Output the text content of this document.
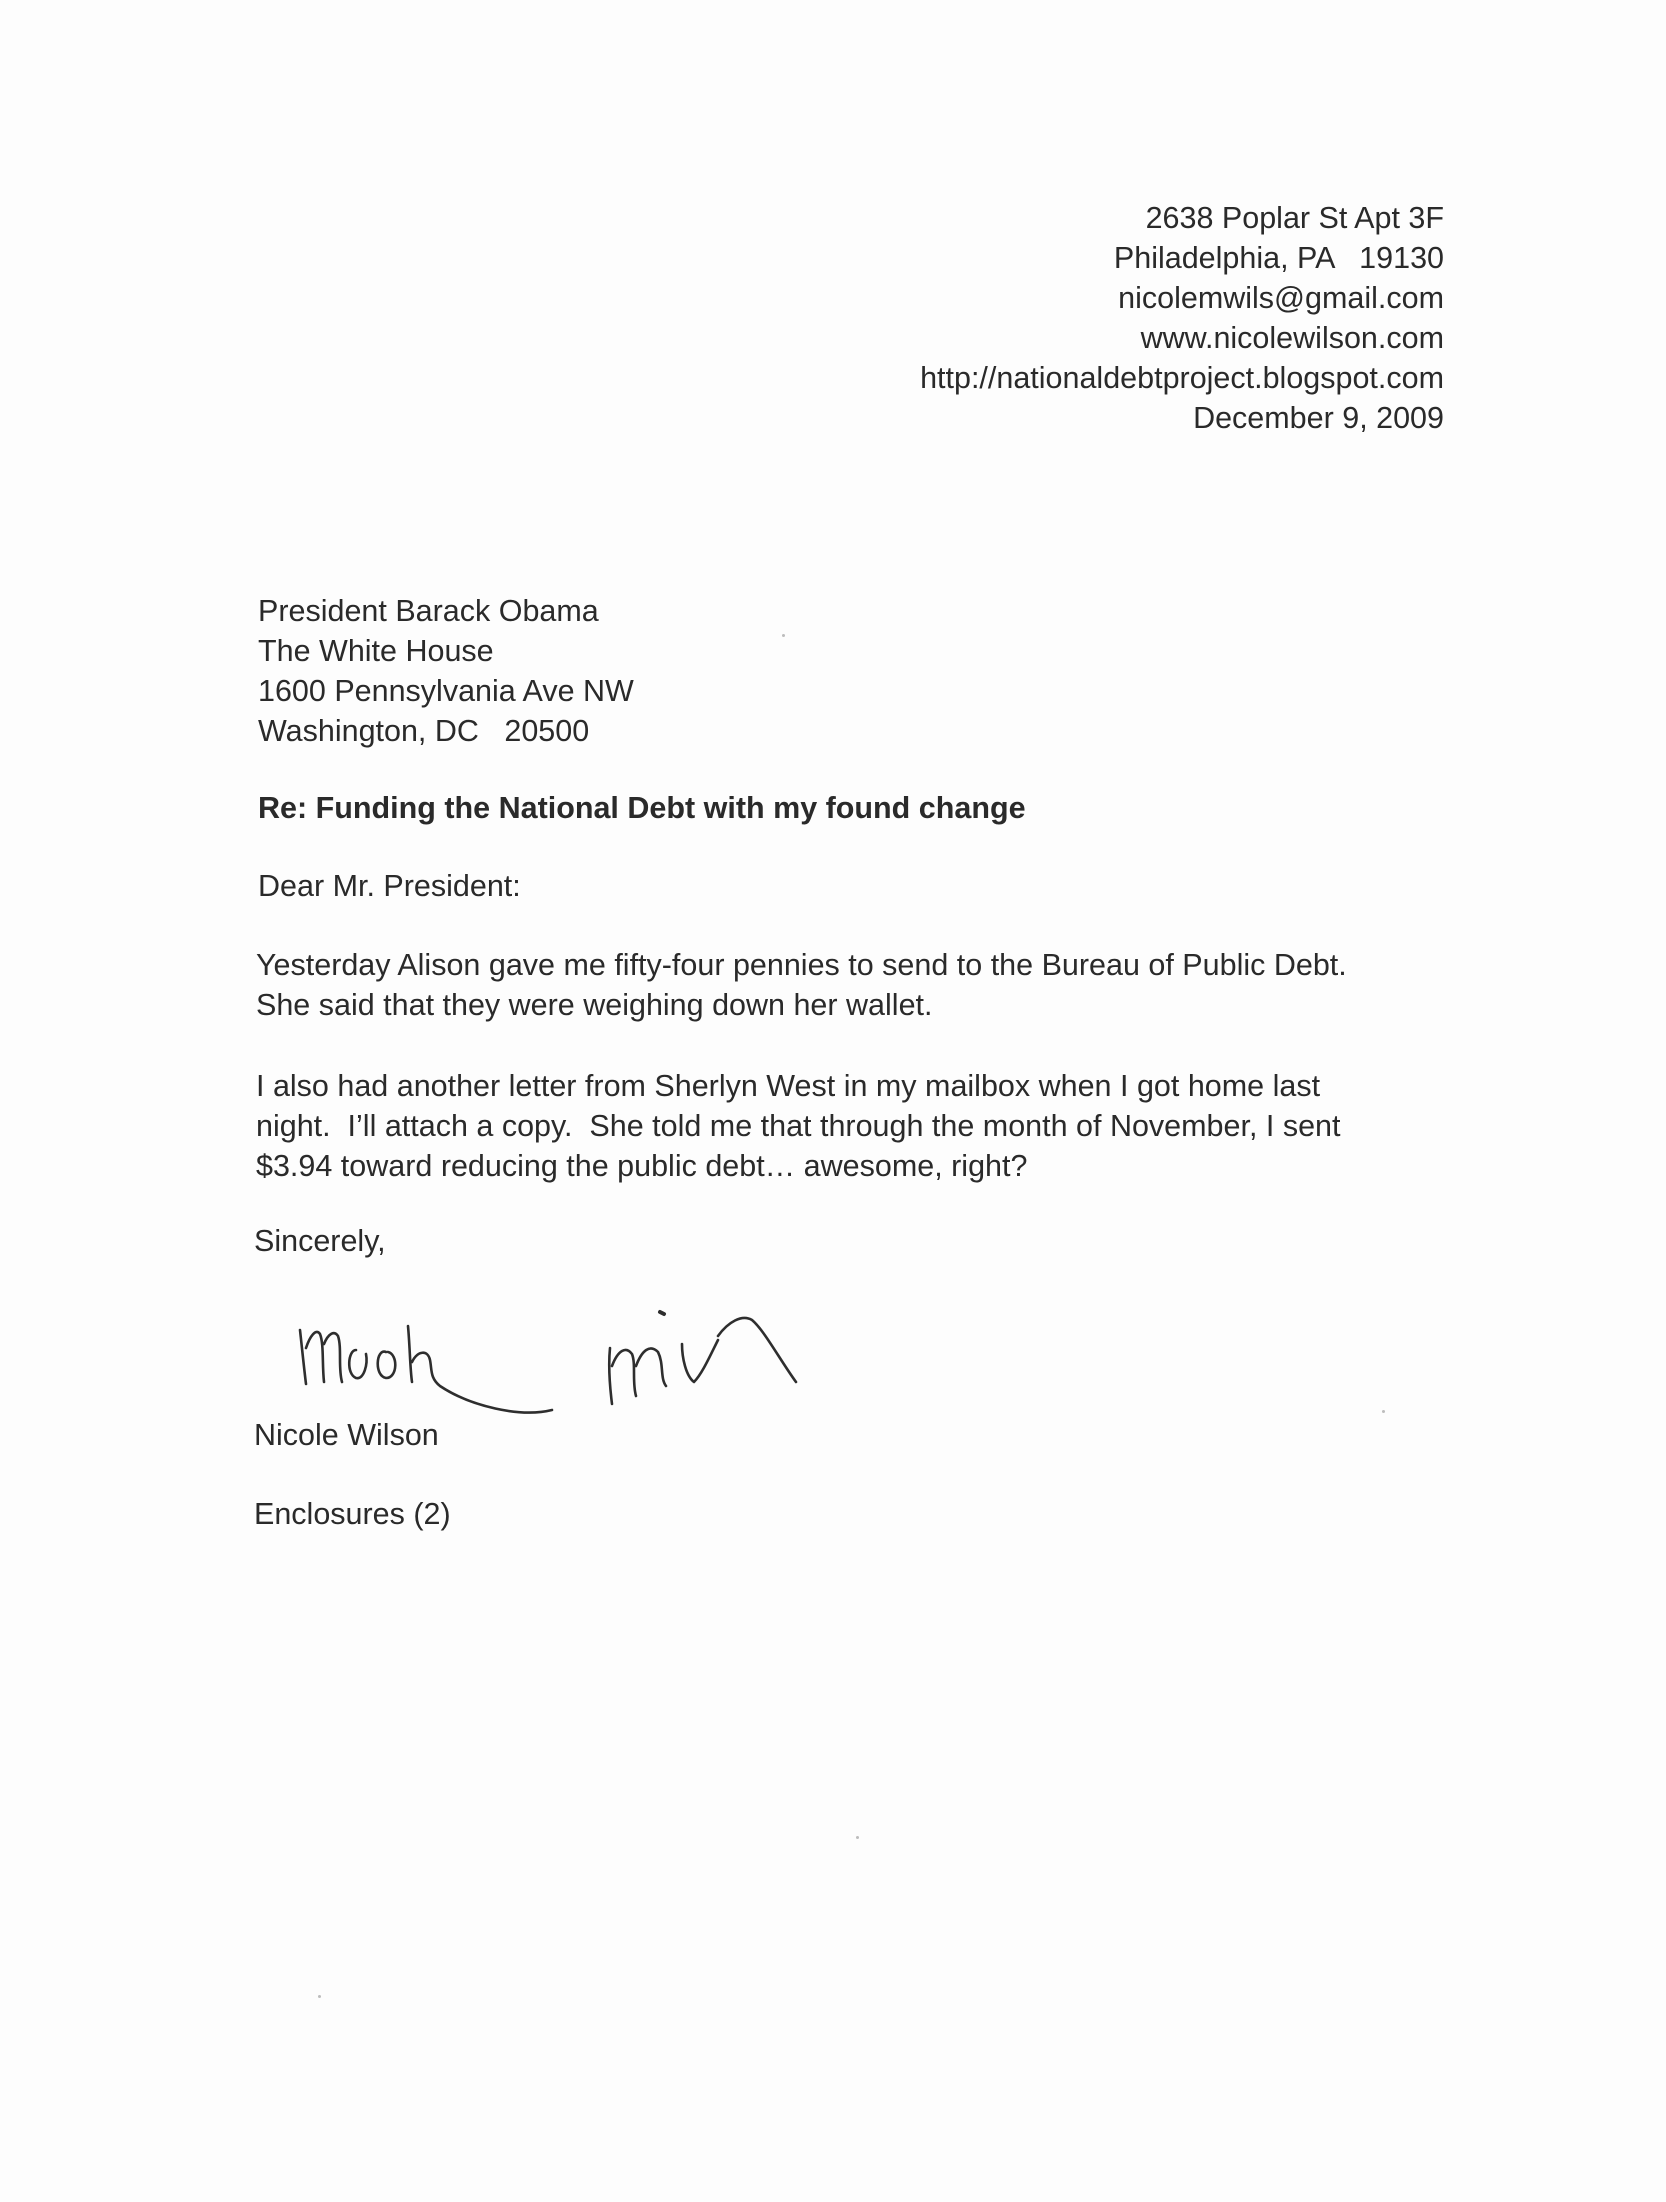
2638 Poplar St Apt 3F
Philadelphia, PA   19130
nicolemwils@gmail.com
www.nicolewilson.com
http://nationaldebtproject.blogspot.com
December 9, 2009
President Barack Obama
The White House
1600 Pennsylvania Ave NW
Washington, DC   20500
Re: Funding the National Debt with my found change
Dear Mr. President:
Yesterday Alison gave me fifty-four pennies to send to the Bureau of Public Debt.
She said that they were weighing down her wallet.
I also had another letter from Sherlyn West in my mailbox when I got home last
night.  I’ll attach a copy.  She told me that through the month of November, I sent
$3.94 toward reducing the public debt… awesome, right?
Sincerely,
Nicole Wilson
Enclosures (2)
